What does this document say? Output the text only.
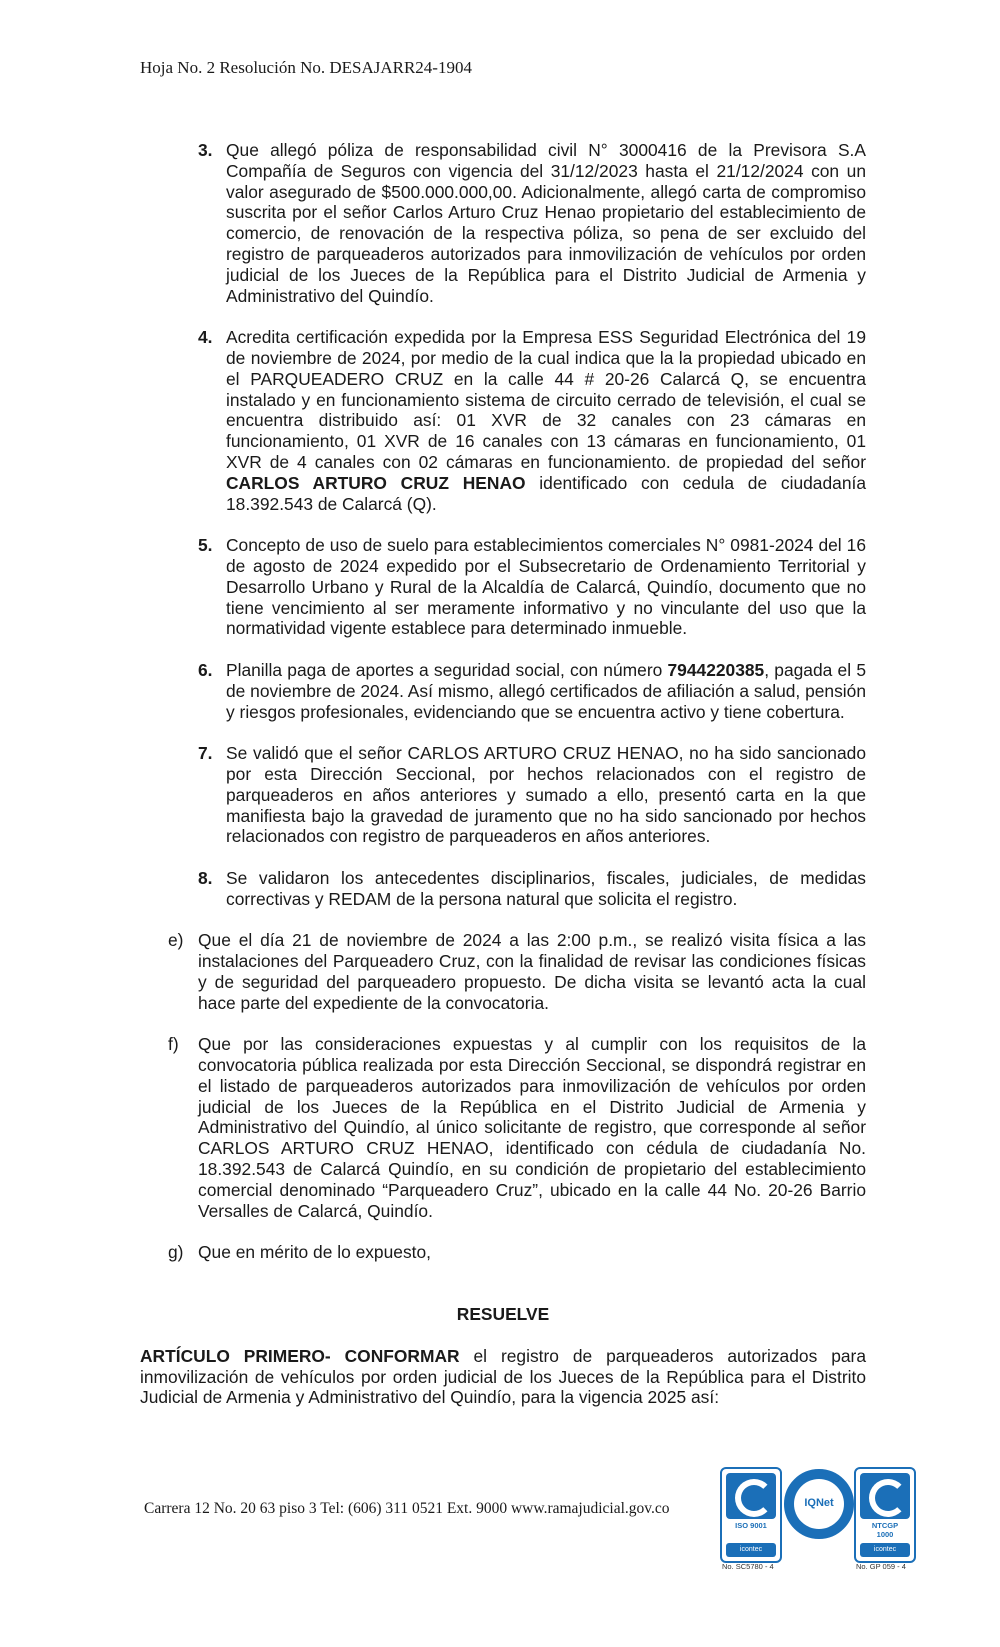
Hoja No. 2 Resolución No. DESAJARR24-1904
3. Que allegó póliza de responsabilidad civil N° 3000416 de la Previsora S.A Compañía de Seguros con vigencia del 31/12/2023 hasta el 21/12/2024 con un valor asegurado de $500.000.000,00. Adicionalmente, allegó carta de compromiso suscrita por el señor Carlos Arturo Cruz Henao propietario del establecimiento de comercio, de renovación de la respectiva póliza, so pena de ser excluido del registro de parqueaderos autorizados para inmovilización de vehículos por orden judicial de los Jueces de la República para el Distrito Judicial de Armenia y Administrativo del Quindío.
4. Acredita certificación expedida por la Empresa ESS Seguridad Electrónica del 19 de noviembre de 2024, por medio de la cual indica que la la propiedad ubicado en el PARQUEADERO CRUZ en la calle 44 # 20-26 Calarcá Q, se encuentra instalado y en funcionamiento sistema de circuito cerrado de televisión, el cual se encuentra distribuido así: 01 XVR de 32 canales con 23 cámaras en funcionamiento, 01 XVR de 16 canales con 13 cámaras en funcionamiento, 01 XVR de 4 canales con 02 cámaras en funcionamiento. de propiedad del señor CARLOS ARTURO CRUZ HENAO identificado con cedula de ciudadanía 18.392.543 de Calarcá (Q).
5. Concepto de uso de suelo para establecimientos comerciales N° 0981-2024 del 16 de agosto de 2024 expedido por el Subsecretario de Ordenamiento Territorial y Desarrollo Urbano y Rural de la Alcaldía de Calarcá, Quindío, documento que no tiene vencimiento al ser meramente informativo y no vinculante del uso que la normatividad vigente establece para determinado inmueble.
6. Planilla paga de aportes a seguridad social, con número 7944220385, pagada el 5 de noviembre de 2024. Así mismo, allegó certificados de afiliación a salud, pensión y riesgos profesionales, evidenciando que se encuentra activo y tiene cobertura.
7. Se validó que el señor CARLOS ARTURO CRUZ HENAO, no ha sido sancionado por esta Dirección Seccional, por hechos relacionados con el registro de parqueaderos en años anteriores y sumado a ello, presentó carta en la que manifiesta bajo la gravedad de juramento que no ha sido sancionado por hechos relacionados con registro de parqueaderos en años anteriores.
8. Se validaron los antecedentes disciplinarios, fiscales, judiciales, de medidas correctivas y REDAM de la persona natural que solicita el registro.
e) Que el día 21 de noviembre de 2024 a las 2:00 p.m., se realizó visita física a las instalaciones del Parqueadero Cruz, con la finalidad de revisar las condiciones físicas y de seguridad del parqueadero propuesto. De dicha visita se levantó acta la cual hace parte del expediente de la convocatoria.
f)	Que por las consideraciones expuestas y al cumplir con los requisitos de la convocatoria pública realizada por esta Dirección Seccional, se dispondrá registrar en el listado de parqueaderos autorizados para inmovilización de vehículos por orden judicial de los Jueces de la República en el Distrito Judicial de Armenia y Administrativo del Quindío, al único solicitante de registro, que corresponde al señor CARLOS ARTURO CRUZ HENAO, identificado con cédula de ciudadanía No. 18.392.543 de Calarcá Quindío, en su condición de propietario del establecimiento comercial denominado “Parqueadero Cruz”, ubicado en la calle 44 No. 20-26 Barrio Versalles de Calarcá, Quindío.
g) Que en mérito de lo expuesto,
RESUELVE
ARTÍCULO PRIMERO- CONFORMAR el registro de parqueaderos autorizados para inmovilización de vehículos por orden judicial de los Jueces de la República para el Distrito Judicial de Armenia y Administrativo del Quindío, para la vigencia 2025 así:
Carrera 12 No. 20 63 piso 3 Tel: (606) 311 0521 Ext. 9000 www.ramajudicial.gov.co
ISO 9001
icontec
No. SC5780 - 4
IQNet
NTCGP
1000
icontec
No. GP 059 - 4
